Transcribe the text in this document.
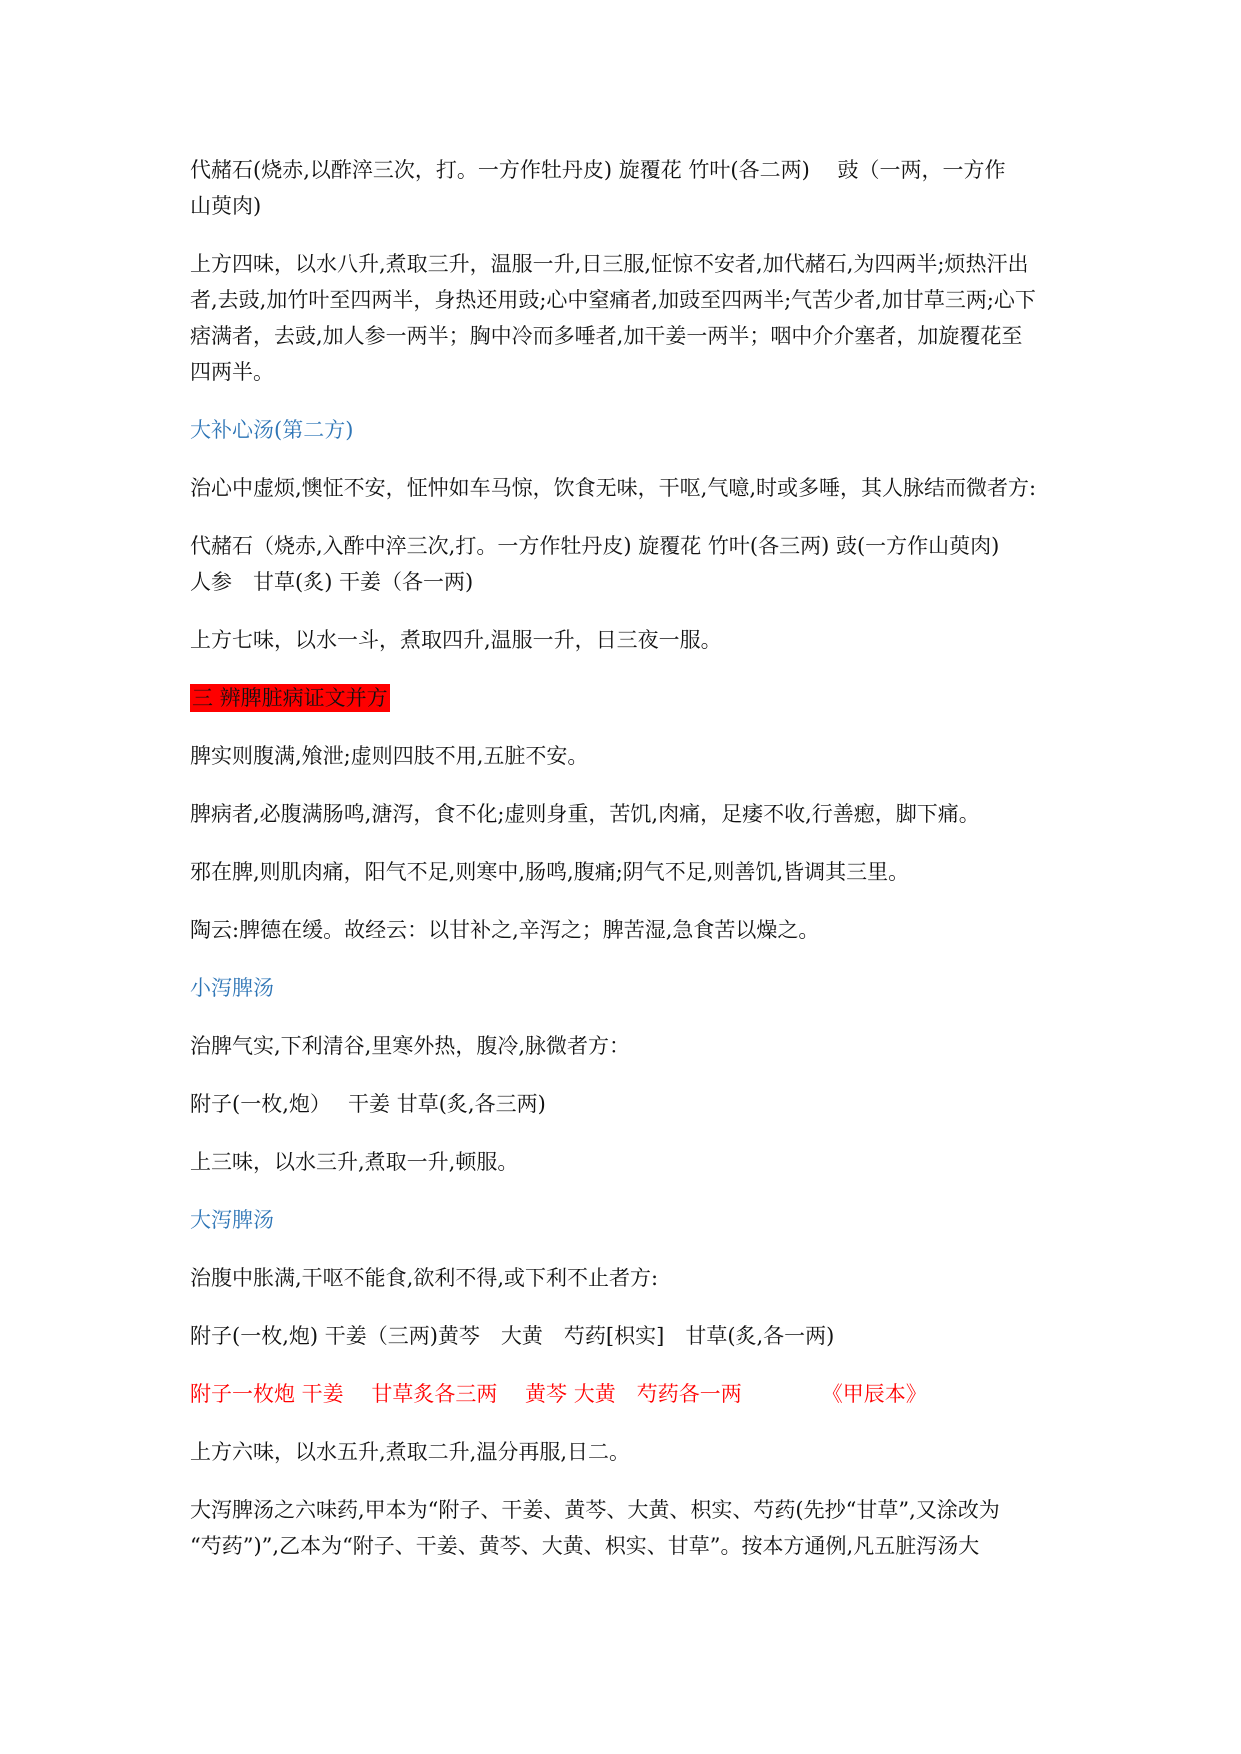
代赭石(烧赤,以酢淬三次，打。一方作牡丹皮) 旋覆花 竹叶(各二两)　 豉（一两，一方作
山萸肉)

上方四味，以水八升,煮取三升，温服一升,日三服,怔惊不安者,加代赭石,为四两半;烦热汗出
者,去豉,加竹叶至四两半，身热还用豉;心中窒痛者,加豉至四两半;气苦少者,加甘草三两;心下
痞满者，去豉,加人参一两半；胸中冷而多唾者,加干姜一两半；咽中介介塞者，加旋覆花至
四两半。

大补心汤(第二方)

治心中虚烦,懊怔不安，怔忡如车马惊，饮食无味，干呕,气噫,时或多唾，其人脉结而微者方:

代赭石（烧赤,入酢中淬三次,打。一方作牡丹皮) 旋覆花 竹叶(各三两) 豉(一方作山萸肉)
人参　甘草(炙) 干姜（各一两)

上方七味，以水一斗，煮取四升,温服一升，日三夜一服。

三 辨脾脏病证文并方

脾实则腹满,飧泄;虚则四肢不用,五脏不安。

脾病者,必腹满肠鸣,溏泻，食不化;虚则身重，苦饥,肉痛，足痿不收,行善瘛，脚下痛。

邪在脾,则肌肉痛，阳气不足,则寒中,肠鸣,腹痛;阴气不足,则善饥,皆调其三里。

陶云:脾德在缓。故经云：以甘补之,辛泻之；脾苦湿,急食苦以燥之。

小泻脾汤

治脾气实,下利清谷,里寒外热，腹冷,脉微者方：

附子(一枚,炮）　 干姜 甘草(炙,各三两)

上三味，以水三升,煮取一升,顿服。

大泻脾汤

治腹中胀满,干呕不能食,欲利不得,或下利不止者方:

附子(一枚,炮) 干姜（三两)黄芩　大黄　芍药[枳实]　甘草(炙,各一两)

附子一枚炮 干姜　 甘草炙各三两　 黄芩 大黄　芍药各一两	《甲辰本》

上方六味，以水五升,煮取二升,温分再服,日二。

大泻脾汤之六味药,甲本为“附子、干姜、黄芩、大黄、枳实、芍药(先抄“甘草”,又涂改为
“芍药”)”,乙本为“附子、干姜、黄芩、大黄、枳实、甘草”。按本方通例,凡五脏泻汤大
